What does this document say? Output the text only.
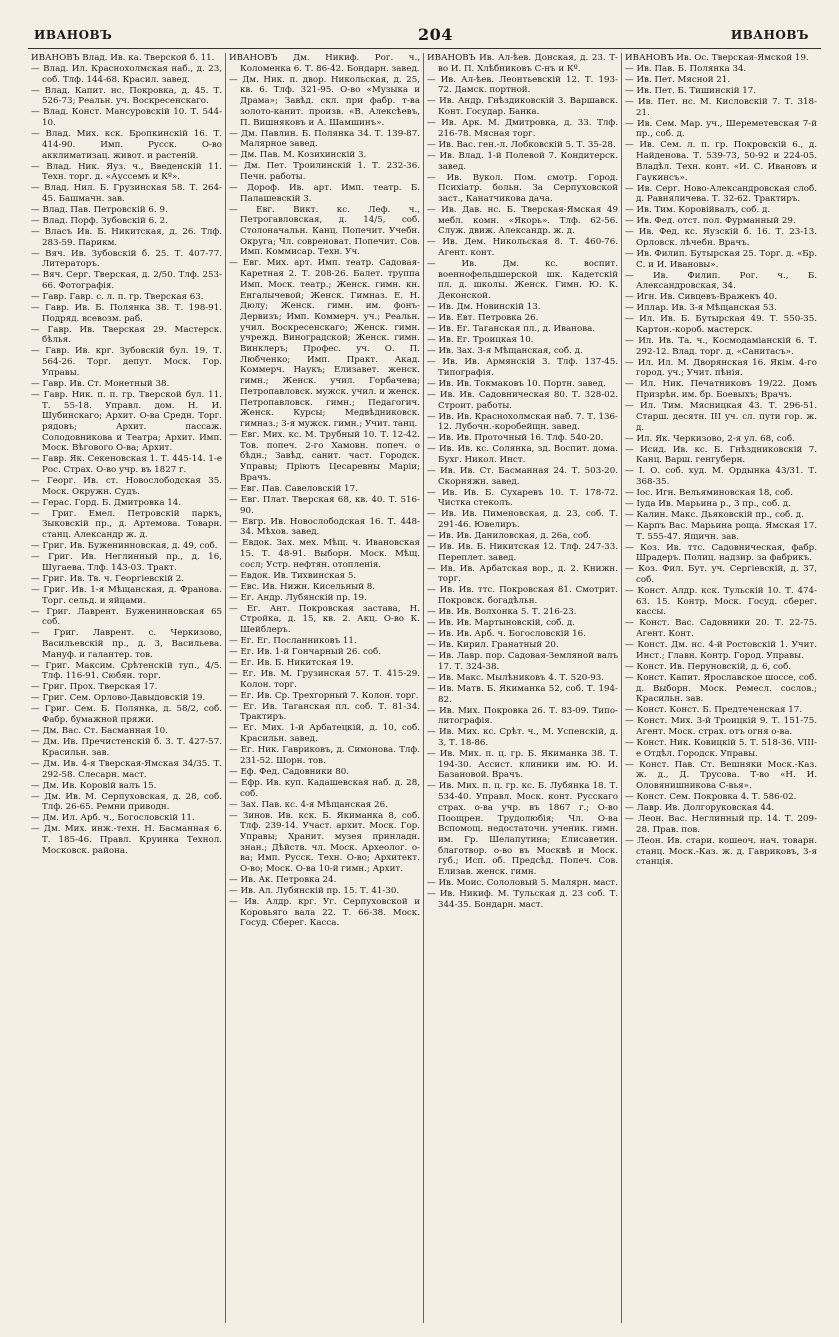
ИВАНОВЪ	204	ИВАНОВЪ
ИВАНОВЪ Влад. Ив. ка. Тверской б. 11.
— Влад. Ил. Краснохолмская наб., д. 23, соб. Тлф. 144-68. Красил. завед.
— Влад. Капит. нс. Покровка, д. 45. Т. 526-73; Реальн. уч. Воскресенскаго.
— Влад. Конст. Мансуровскій 10. Т. 544-10.
— Влад. Мих. кск. Бропкинскій 16. Т. 414-90. Имп. Русск. О-во акклиматизац. живот. и растеній.
— Влад. Ник. Яуз. ч., Введенскій 11. Техн. торг. д. «Ауссемъ и Кº».
— Влад. Нил. Б. Грузинская 58. Т. 264-45. Башмачн. зав.
— Влад. Пав. Петровскій 6. 9.
— Влад. Порф. Зубовскій 6. 2.
— Власъ Ив. Б. Никитская, д. 26. Тлф. 283-59. Парикм.
— Вяч. Ив. Зубовскій б. 25. Т. 407-77. Литераторъ.
— Вяч. Серг. Тверская, д. 2/50. Тлф. 253-66. Фотографія.
— Гавр. Гавр. с. л. п. гр. Тверская 63.
— Гавр. Ив. Б. Полянка 38. Т. 198-91. Подряд. всевозм. раб.
— Гавр. Ив. Тверская 29. Мастерск. бѣлья.
— Гавр. Ив. крг. Зубовскій бул. 19. Т. 564-26. Торг. депут. Моск. Гор. Управы.
— Гавр. Ив. Ст. Монетный 38.
— Гавр. Ник. п. п. гр. Тверской бул. 11. Т. 55-18. Управл. дом. Н. И. Шубинскаго; Архит. О-ва Средн. Торг. рядовъ; Архит. пассаж. Солодовникова и Театра; Архит. Имп. Моск. Вѣгового О-ва; Архит.
— Гавр. Як. Секеновская 1. Т. 445-14. 1-е Рос. Страх. О-во учр. въ 1827 г.
— Георг. Ив. ст. Новослободская 35. Моск. Окружн. Судъ.
— Герас. Горд. Б. Дмитровка 14.
— Григ. Емел. Петровскій паркъ, Зыковскій пр., д. Артемова. Товарн. станц. Александр ж. д.
— Григ. Ив. Буженинновская, д. 49, соб.
— Григ. Ив. Неглинный пр., д. 16, Шугаева. Тлф. 143-03. Тракт.
— Григ. Ив. Тв. ч. Георгіевскій 2.
— Григ. Ив. 1-я Мѣщанская, д. Франова. Торг. сельд. и яйцами.
— Григ. Лаврент. Буженинновская 65 соб.
— Григ. Лаврент. с. Черкизово, Васильевскій пр., д. 3, Васильева. Мануф. и галантер. тов.
— Григ. Максим. Срѣтенскій туп., 4/5. Тлф. 116-91. Сюбян. торг.
— Григ. Прох. Тверская 17.
— Григ. Сем. Орлово-Давыдовскій 19.
— Григ. Сем. Б. Полянка, д. 58/2, соб. Фабр. бумажной пряжи.
— Дм. Вас. Ст. Басманная 10.
— Дм. Ив. Пречистенскій б. 3. Т. 427-57. Красильн. зав.
— Дм. Ив. 4-я Тверская-Ямская 34/35. Т. 292-58. Слесарн. маст.
— Дм. Ив. Коровій валъ 15.
— Дм. Ив. М. Серпуховская, д. 28, соб. Тлф. 26-65. Ремни приводн.
— Дм. Ил. Арб. ч., Богословскій 11.
— Дм. Мих. инж.-техн. Н. Басманная 6. Т. 185-46. Правл. Круинка Технол. Московск. района.
ИВАНОВЪ Дм. Никиф. Рог. ч., Коломенка 6. Т. 86-42. Бондарн. завед.
— Дм. Ник. п. двор. Никольская, д. 25, кв. 6. Тлф. 321-95. О-во «Музыка и Драма»; Завѣд. скл. при фабр. т-ва золото-канит. произв. «В. Алексѣевъ, П. Вишняковъ и А. Шамшинъ».
— Дм. Павлин. Б. Полянка 34. Т. 139-87. Малярное завед.
— Дм. Пав. М. Козихинскій 3.
— Дм. Пет. Троилинскій 1. Т. 232-36. Печн. работы.
— Дороф. Ив. арт. Имп. театр. Б. Палашевскій 3.
— Евг. Викт. кс. Леф. ч., Петрогавловская, д. 14/5, соб. Столоначальн. Канц. Попечит. Учебн. Округа; Чл. совреноват. Попечит. Сов. Имп. Коммисар. Техн. Уч.
— Евг. Мих. арт. Имп. театр. Садовая-Каретная 2. Т. 208-26. Балет. труппа Имп. Моск. театр.; Женск. гимн. кн. Енгалычевой; Женск. Гимназ. Е. Н. Дюлу; Женск. гимн. им. фонъ-Дервизъ; Имп. Коммерч. уч.; Реальн. учил. Воскресенскаго; Женск. гимн. учрежд. Виноградской; Женск. гимн. Винклеръ; Профес. уч. О. П. Любченко; Имп. Практ. Акад. Коммерч. Наукъ; Елизавет. женск. гимн.; Женск. учил. Горбачева; Петропавловск. мужск. учил. и женск. Петропавловск. гимн.; Педагогич. Женск. Курсы; Медвѣдниковск. гимназ.; 3-я мужск. гимн.; Учит. танц.
— Евг. Мих. кс. М. Трубный 10. Т. 12-42. Тов. попеч. 2-го Хамовн. попеч. о бѣдн.; Завѣд. санит. част. Городск. Управы; Пріютъ Цесаревны Маріи; Врачъ.
— Евг. Пав. Савеловскій 17.
— Евг. Плат. Тверская 68, кв. 40. Т. 516-90.
— Евгр. Ив. Новослободская 16. Т. 448-34. Мѣхов. завед.
— Евдок. Зах. мех. Мѣщ. ч. Ивановская 15. Т. 48-91. Выборн. Моск. Мѣщ. сосл; Устр. нефтян. отопленія.
— Евдок. Ив. Тихвинская 5.
— Евс. Ив. Нижн. Кисельный 8.
— Ег. Андр. Лубянскій пр. 19.
— Ег. Ант. Покровская застава, Н. Стройка, д. 15, кв. 2. Акц. О-во К. Шейблеръ.
— Ег. Ег. Посланниковъ 11.
— Ег. Ив. 1-й Гончарный 26. соб.
— Ег. Ив. Б. Никитская 19.
— Ег. Ив. М. Грузинская 57. Т. 415-29. Колон. торг.
— Ег. Ив. Ср. Трехгорный 7. Колон. торг.
— Ег. Ив. Таганская пл. соб. Т. 81-34. Трактиръ.
— Ег. Мих. 1-й Арбатецкій, д. 10, соб. Красильн. завед.
— Ег. Ник. Гавриковъ, д. Симонова. Тлф. 231-52. Шорн. тов.
— Еф. Фед. Садовники 80.
— Ефр. Ив. куп. Кадашевская наб. д. 28, соб.
— Зах. Пав. кс. 4-я Мѣщанская 26.
— Зинов. Ив. кск. Б. Якиманка 8, соб. Тлф. 239-14. Участ. архит. Моск. Гор. Управы; Хранит. музея принладн. знан.; Дѣйств. чл. Моск. Археолог. о-ва; Имп. Русск. Техн. О-во; Архитект. О-во; Моск. О-ва 10-й гимн.; Архит.
— Ив. Ак. Петровка 24.
— Ив. Ал. Лубянскій пр. 15. Т. 41-30.
— Ив. Алдр. крг. Уг. Серпуховской и Коровьяго вала 22. Т. 66-38. Моск. Госуд. Сберег. Касса.
ИВАНОВЪ Ив. Ал-ѣев. Донская, д. 23. Т-во И. П. Хлѣбниковъ С-нъ и Кº.
— Ив. Ал-ѣев. Леонтьевскій 12. Т. 193-72. Дамск. портной.
— Ив. Андр. Гнѣздиковскій 3. Варшавск. Конт. Государ. Банка.
— Ив. Арк. М. Дмитровка, д. 33. Тлф. 216-78. Мясная торг.
— Ив. Вас. ген.-л. Лобковскій 5. Т. 35-28.
— Ив. Влад. 1-й Полевой 7. Кондитерск. завед.
— Ив. Вукол. Пом. смотр. Город. Психіатр. больн. За Серпуховской заст., Канатчикова дача.
— Ив. Дав. нс. Б. Тверская-Ямская 49 мебл. комн. «Якорь». Тлф. 62-56. Служ. движ. Александр. ж. д.
— Ив. Дем. Никольская 8. Т. 460-76. Агент. конт.
— Ив. Дм. кс. воспит. военнофельдшерской шк. Кадетскій пл. д. школы. Женск. Гимн. Ю. К. Деконской.
— Ив. Дм. Новинскій 13.
— Ив. Евт. Петровка 26.
— Ив. Ег. Таганская пл., д. Иванова.
— Ив. Ег. Троицкая 10.
— Ив. Зах. 3-я Мѣщанская, соб. д.
— Ив. Ив. Армянскій 3. Тлф. 137-45. Типографія.
— Ив. Ив. Токмаковъ 10. Портн. завед.
— Ив. Ив. Садовническая 80. Т. 328-02. Строит. работы.
— Ив. Ив. Краснохолмская наб. 7. Т. 136-12. Лубочн.-коробейщн. завед.
— Ив. Ив. Проточный 16. Тлф. 540-20.
— Ив. Ив. кс. Солянка, зд. Воспит. дома. Бухг. Никол. Инст.
— Ив. Ив. Ст. Басманная 24. Т. 503-20. Скорняжн. завед.
— Ив. Ив. Б. Сухаревъ 10. Т. 178-72. Чистка стеколъ.
— Ив. Ив. Пименовская, д. 23, соб. Т. 291-46. Ювелиръ.
— Ив. Ив. Даниловская, д. 26а, соб.
— Ив. Ив. Б. Никитская 12. Тлф. 247-33. Переплет. завед.
— Ив. Ив. Арбатская вор., д. 2. Книжн. торг.
— Ив. Ив. ттс. Покровская 81. Смотрит. Покровск. богадѣльн.
— Ив. Ив. Волхонка 5. Т. 216-23.
— Ив. Ив. Мартыновскій, соб. д.
— Ив. Ив. Арб. ч. Богословскій 16.
— Ив. Кирил. Гранатный 20.
— Ив. Лавр. пор. Садовая-Земляной валъ 17. Т. 324-38.
— Ив. Макс. Мылѣниковъ 4. Т. 520-93.
— Ив. Матв. Б. Якиманка 52, соб. Т. 194-82.
— Ив. Мих. Покровка 26. Т. 83-09. Типо-литографія.
— Ив. Мих. кс. Срѣт. ч., М. Успенскій, д. 3, Т. 18-86.
— Ив. Мих. п. ц. гр. Б. Якиманка 38. Т. 194-30. Ассист. клиники им. Ю. И. Базановой. Врачъ.
— Ив. Мих. п. ц. гр. кс. Б. Лубянка 18. Т. 534-40. Управл. Моск. конт. Русскаго страх. о-ва учр. въ 1867 г.; О-во Поощрен. Трудолюбія; Чл. О-ва Вспомощ. недостаточн. ученик. гимн. им. Гр. Шелапутина; Елисаветин. благотвор. о-во въ Москвѣ и Моск. губ.; Исп. об. Предсѣд. Попеч. Сов. Елизав. женск. гимн.
— Ив. Моис. Сололовый 5. Малярн. маст.
— Ив. Никиф. М. Тульская д. 23 соб. Т. 344-35. Бондарн. маст.
ИВАНОВЪ Ив. Ос. Тверская-Ямской 19.
— Ив. Пав. Б. Полянка 34.
— Ив. Пет. Мясной 21.
— Ив. Пет. Б. Тишинскій 17.
— Ив. Пет. нс. М. Кисловскій 7. Т. 318-21.
— Ив. Сем. Мар. уч., Шереметевская 7-й пр., соб. д.
— Ив. Сем. л. п. гр. Покровскій 6., д. Найденова. Т. 539-73, 50-92 и 224-05. Владѣл. Техн. конт. «И. С. Ивановъ и Гаукинсъ».
— Ив. Серг. Ново-Александровская слоб. д. Равняличева. Т. 32-62. Трактиръ.
— Ив. Тим. Коровійвалъ, соб. д.
— Ив. Фед. отст. пол. Фурманный 29.
— Ив. Фед. кс. Яузскій б. 16. Т. 23-13. Орловск. лѣчебн. Врачъ.
— Ив. Филип. Бутырская 25. Торг. д. «Бр. С. и И. Ивановы».
— Ив. Филип. Рог. ч., Б. Александровская, 34.
— Игн. Ив. Сивцевъ-Вражекъ 40.
— Иллар. Ив. 3-я Мѣщанская 53.
— Ил. Ив. Б. Бутырская 49. Т. 550-35. Картон.-короб. мастерск.
— Ил. Ив. Та. ч., Космодаміанскій 6. Т. 292-12. Влад. торг. д. «Санитасъ».
— Ил. Ил. М. Дворянская 16. Якім. 4-го город. уч.; Учит. пѣнія.
— Ил. Ник. Печатниковъ 19/22. Домъ Призрѣн. им. бр. Боевыхъ; Врачъ.
— Ил. Тим. Мясницкая 43. Т. 296-51. Старш. десятн. III уч. сл. пути гор. ж. д.
— Ил. Як. Черкизово, 2-я ул. 68, соб.
— Исид. Ив. кс. Б. Гнѣздниковскій 7. Канц. Варш. генгуберн.
— І. О. соб. худ. М. Ордынка 43/31. Т. 368-35.
— Іос. Игн. Вельяминовская 18, соб.
— Іуда Ив. Марьина р., 3 пр., соб. д.
— Калин. Макс. Дьяковскій пр., соб. д.
— Карпъ Вас. Марьина роща. Ямская 17. Т. 555-47. Ящичн. зав.
— Коз. Ив. ттс. Садовническая, фабр. Шрадеръ. Полиц. надзир. за фабрикъ.
— Коз. Фил. Бут. уч. Сергіевскій, д. 37, соб.
— Конст. Алдр. кск. Тульскій 10. Т. 474-63. 15. Контр. Моск. Госуд. сберег. кассы.
— Конст. Вас. Садовники 20. Т. 22-75. Агент. Конт.
— Конст. Дм. нс. 4-й Ростовскій 1. Учит. Инст.; Главн. Контр. Город. Управы.
— Конст. Ив. Перуновскій, д. 6, соб.
— Конст. Капит. Ярославское шоссе, соб. д. Выборн. Моск. Ремесл. сослов.; Красильн. зав.
— Конст. Конст. Б. Предтеченская 17.
— Конст. Мих. 3-й Троицкій 9. Т. 151-75. Агент. Моск. страх. отъ огня о-ва.
— Конст. Ник. Ковицкій 5. Т. 518-36. VIII-е Отдѣл. Городск. Управы.
— Конст. Пав. Ст. Вешняки Моск.-Каз. ж. д., Д. Трусова. Т-во «Н. И. Оловянишникова С-вья».
— Конст. Сем. Покровка 4. Т. 586-02.
— Лавр. Ив. Долгоруковская 44.
— Леон. Вас. Неглинный пр. 14. Т. 209-28. Прав. пов.
— Леон. Ив. стари. кошеоч. нач. товарн. станц. Моск.-Каз. ж. д. Гавриковъ, 3-я станція.
